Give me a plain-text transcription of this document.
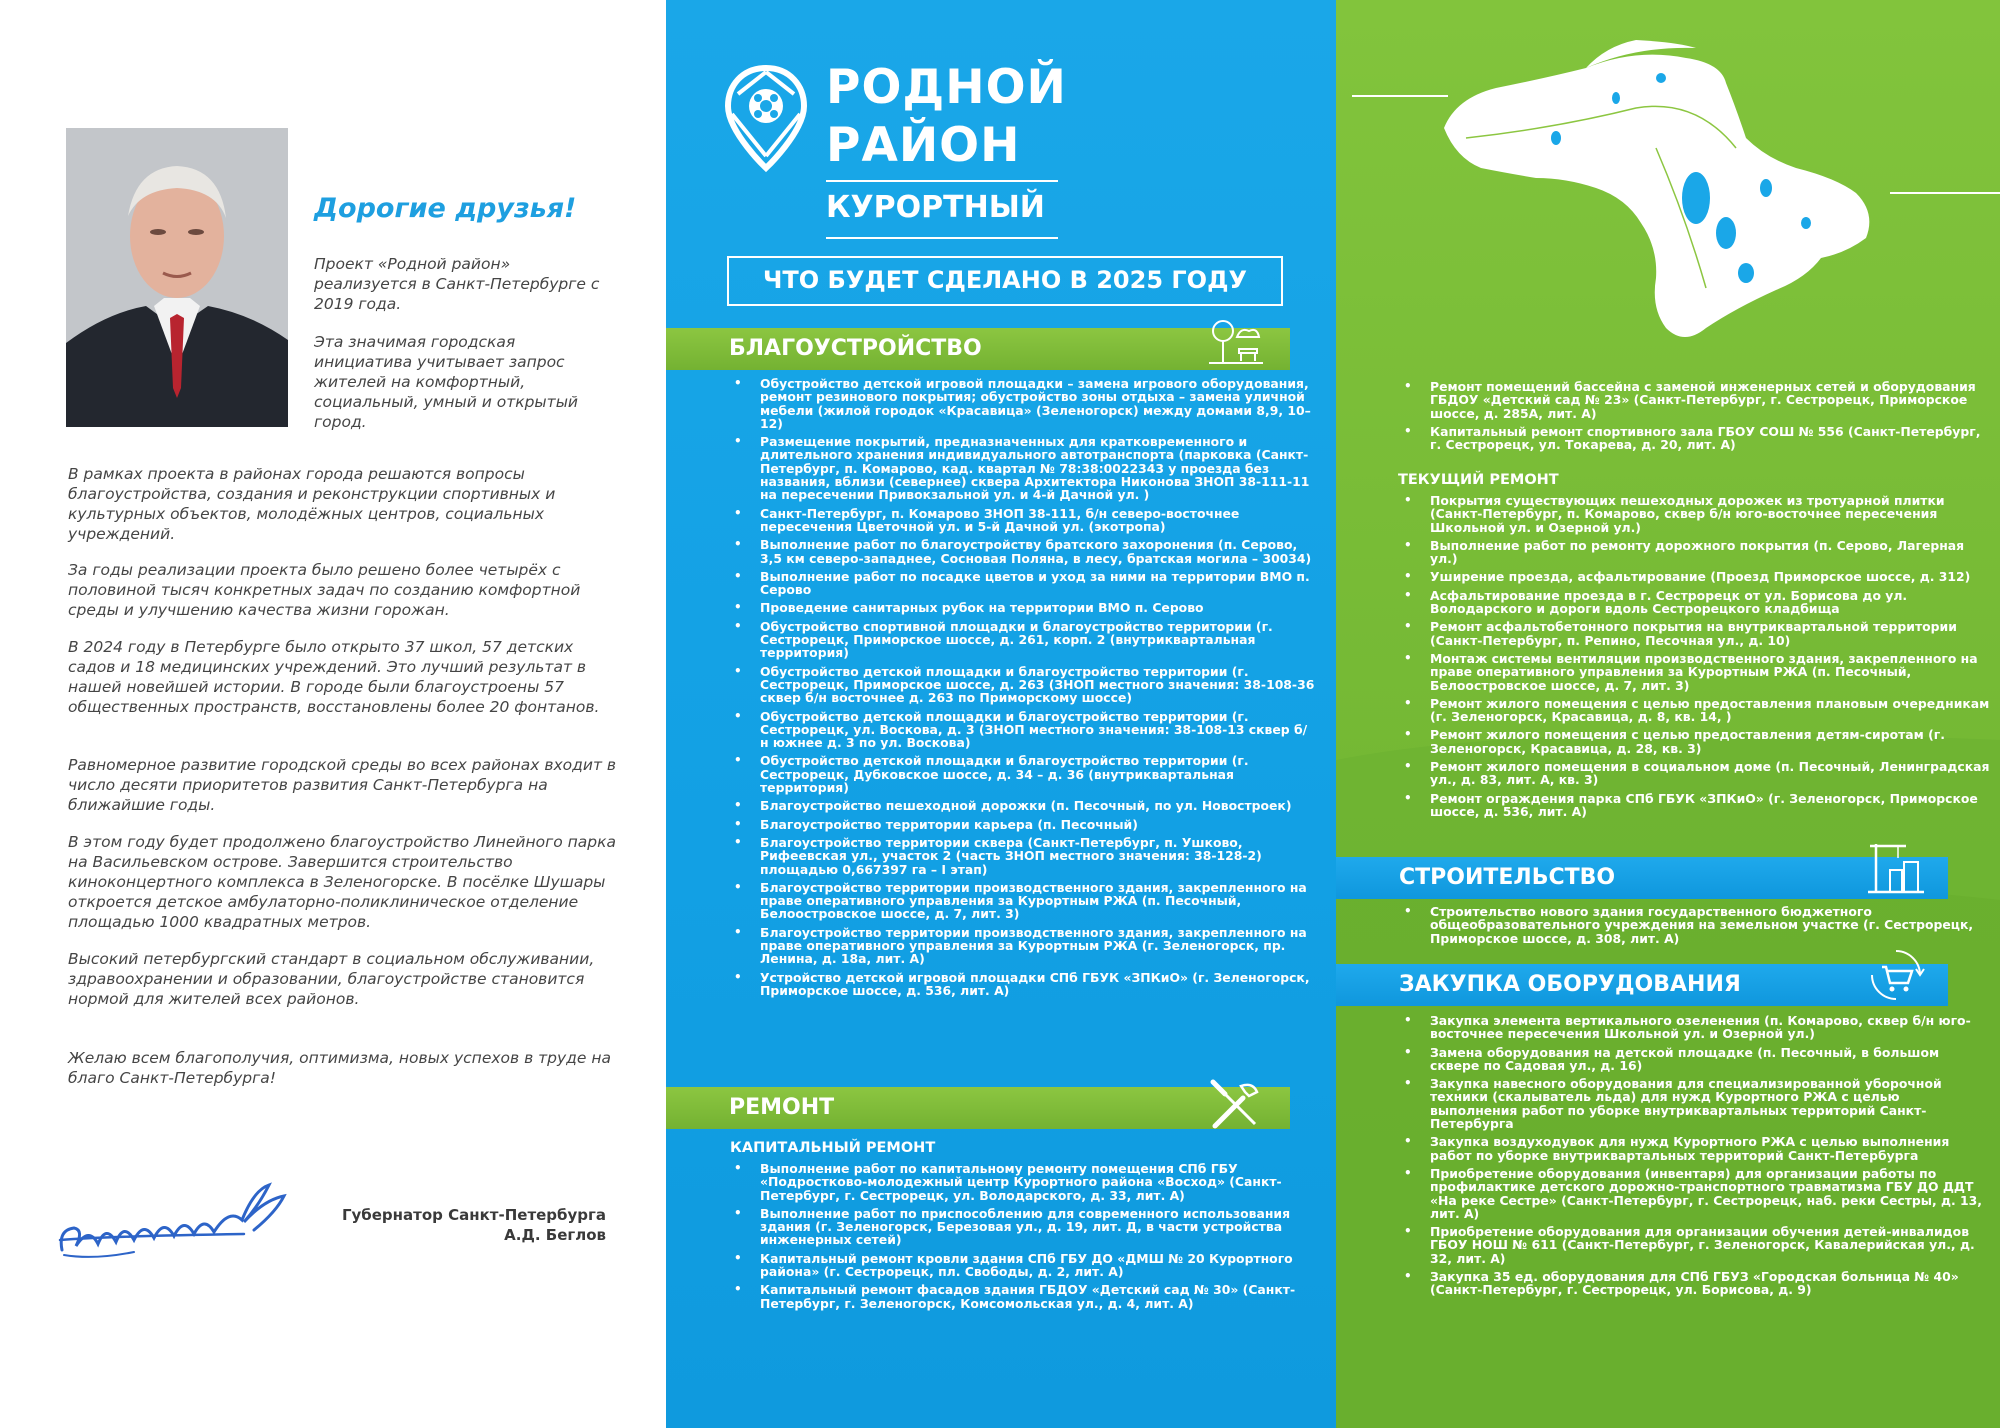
Дорогие друзья!

Проект «Родной район» реализуется в Санкт-Петербурге с 2019 года.

Эта значимая городская инициатива учитывает запрос жителей на комфортный, социальный, умный и открытый город.

В рамках проекта в районах города решаются вопросы благоустройства, создания и реконструкции спортивных и культурных объектов, молодёжных центров, социальных учреждений.

За годы реализации проекта было решено более четырёх с половиной тысяч конкретных задач по созданию комфортной среды и улучшению качества жизни горожан.

В 2024 году в Петербурге было открыто 37 школ, 57 детских садов и 18 медицинских учреждений. Это лучший результат в нашей новейшей истории. В городе были благоустроены 57 общественных пространств, восстановлены более 20 фонтанов.

Равномерное развитие городской среды во всех районах входит в число десяти приоритетов развития Санкт-Петербурга на ближайшие годы.

В этом году будет продолжено благоустройство Линейного парка на Васильевском острове. Завершится строительство киноконцертного комплекса в Зеленогорске. В посёлке Шушары откроется детское амбулаторно-поликлиническое отделение площадью 1000 квадратных метров.

Высокий петербургский стандарт в социальном обслуживании, здравоохранении и образовании, благоустройстве становится нормой для жителей всех районов.

Желаю всем благополучия, оптимизма, новых успехов в труде на благо Санкт-Петербурга!

Губернатор Санкт-Петербурга
А.Д. Беглов
РОДНОЙ
РАЙОН
КУРОРТНЫЙ
ЧТО БУДЕТ СДЕЛАНО В 2025 ГОДУ
БЛАГОУСТРОЙСТВО
• Обустройство детской игровой площадки – замена игрового оборудования, ремонт резинового покрытия; обустройство зоны отдыха – замена уличной мебели (жилой городок «Красавица» (Зеленогорск) между домами 8,9, 10–12)
• Размещение покрытий, предназначенных для кратковременного и длительного хранения индивидуального автотранспорта (парковка (Санкт-Петербург, п. Комарово, кад. квартал № 78:38:0022343 у проезда без названия, вблизи (севернее) сквера Архитектора Никонова ЗНОП 38-111-11 на пересечении Привокзальной ул. и 4-й Дачной ул. )
• Санкт-Петербург, п. Комарово ЗНОП 38-111, б/н северо-восточнее пересечения Цветочной ул. и 5-й Дачной ул. (экотропа)
• Выполнение работ по благоустройству братского захоронения (п. Серово, 3,5 км северо-западнее, Сосновая Поляна, в лесу, братская могила – 30034)
• Выполнение работ по посадке цветов и уход за ними на территории ВМО п. Серово
• Проведение санитарных рубок на территории ВМО п. Серово
• Обустройство спортивной площадки и благоустройство территории (г. Сестрорецк, Приморское шоссе, д. 261, корп. 2 (внутриквартальная территория)
• Обустройство детской площадки и благоустройство территории (г. Сестрорецк, Приморское шоссе, д. 263 (ЗНОП местного значения: 38-108-36 сквер б/н восточнее д. 263 по Приморскому шоссе)
• Обустройство детской площадки и благоустройство территории (г. Сестрорецк, ул. Воскова, д. 3 (ЗНОП местного значения: 38-108-13 сквер б/н южнее д. 3 по ул. Воскова)
• Обустройство детской площадки и благоустройство территории (г. Сестрорецк, Дубковское шоссе, д. 34 – д. 36 (внутриквартальная территория)
• Благоустройство пешеходной дорожки (п. Песочный, по ул. Новостроек)
• Благоустройство территории карьера (п. Песочный)
• Благоустройство территории сквера (Санкт-Петербург, п. Ушково, Рифеевская ул., участок 2 (часть ЗНОП местного значения: 38-128-2) площадью 0,667397 га – I этап)
• Благоустройство территории производственного здания, закрепленного на праве оперативного управления за Курортным РЖА (п. Песочный, Белоостровское шоссе, д. 7, лит. 3)
• Благоустройство территории производственного здания, закрепленного на праве оперативного управления за Курортным РЖА (г. Зеленогорск, пр. Ленина, д. 18а, лит. А)
• Устройство детской игровой площадки СПб ГБУК «ЗПКиО» (г. Зеленогорск, Приморское шоссе, д. 536, лит. А)
РЕМОНТ
КАПИТАЛЬНЫЙ РЕМОНТ
• Выполнение работ по капитальному ремонту помещения СПб ГБУ «Подростково-молодежный центр Курортного района «Восход» (Санкт-Петербург, г. Сестрорецк, ул. Володарского, д. 33, лит. А)
• Выполнение работ по приспособлению для современного использования здания (г. Зеленогорск, Березовая ул., д. 19, лит. Д, в части устройства инженерных сетей)
• Капитальный ремонт кровли здания СПб ГБУ ДО «ДМШ № 20 Курортного района» (г. Сестрорецк, пл. Свободы, д. 2, лит. А)
• Капитальный ремонт фасадов здания ГБДОУ «Детский сад № 30» (Санкт-Петербург, г. Зеленогорск, Комсомольская ул., д. 4, лит. А)
• Ремонт помещений бассейна с заменой инженерных сетей и оборудования ГБДОУ «Детский сад № 23» (Санкт-Петербург, г. Сестрорецк, Приморское шоссе, д. 285А, лит. А)
• Капитальный ремонт спортивного зала ГБОУ СОШ № 556 (Санкт-Петербург, г. Сестрорецк, ул. Токарева, д. 20, лит. А)
ТЕКУЩИЙ РЕМОНТ
• Покрытия существующих пешеходных дорожек из тротуарной плитки (Санкт-Петербург, п. Комарово, сквер б/н юго-восточнее пересечения Школьной ул. и Озерной ул.)
• Выполнение работ по ремонту дорожного покрытия (п. Серово, Лагерная ул.)
• Уширение проезда, асфальтирование (Проезд Приморское шоссе, д. 312)
• Асфальтирование проезда в г. Сестрорецк от ул. Борисова до ул. Володарского и дороги вдоль Сестрорецкого кладбища
• Ремонт асфальтобетонного покрытия на внутриквартальной территории (Санкт-Петербург, п. Репино, Песочная ул., д. 10)
• Монтаж системы вентиляции производственного здания, закрепленного на праве оперативного управления за Курортным РЖА (п. Песочный, Белоостровское шоссе, д. 7, лит. 3)
• Ремонт жилого помещения с целью предоставления плановым очередникам (г. Зеленогорск, Красавица, д. 8, кв. 14, )
• Ремонт жилого помещения с целью предоставления детям-сиротам (г. Зеленогорск, Красавица, д. 28, кв. 3)
• Ремонт жилого помещения в социальном доме (п. Песочный, Ленинградская ул., д. 83, лит. А, кв. 3)
• Ремонт ограждения парка СПб ГБУК «ЗПКиО» (г. Зеленогорск, Приморское шоссе, д. 536, лит. А)
СТРОИТЕЛЬСТВО
• Строительство нового здания государственного бюджетного общеобразовательного учреждения на земельном участке (г. Сестрорецк, Приморское шоссе, д. 308, лит. А)
ЗАКУПКА ОБОРУДОВАНИЯ
• Закупка элемента вертикального озеленения (п. Комарово, сквер б/н юго-восточнее пересечения Школьной ул. и Озерной ул.)
• Замена оборудования на детской площадке (п. Песочный, в большом сквере по Садовая ул., д. 16)
• Закупка навесного оборудования для специализированной уборочной техники (скалыватель льда) для нужд Курортного РЖА с целью выполнения работ по уборке внутриквартальных территорий Санкт-Петербурга
• Закупка воздуходувок для нужд Курортного РЖА с целью выполнения работ по уборке внутриквартальных территорий Санкт-Петербурга
• Приобретение оборудования (инвентаря) для организации работы по профилактике детского дорожно-транспортного травматизма ГБУ ДО ДДТ «На реке Сестре» (Санкт-Петербург, г. Сестрорецк, наб. реки Сестры, д. 13, лит. А)
• Приобретение оборудования для организации обучения детей-инвалидов ГБОУ НОШ № 611 (Санкт-Петербург, г. Зеленогорск, Кавалерийская ул., д. 32, лит. А)
• Закупка 35 ед. оборудования для СПб ГБУЗ «Городская больница № 40» (Санкт-Петербург, г. Сестрорецк, ул. Борисова, д. 9)
